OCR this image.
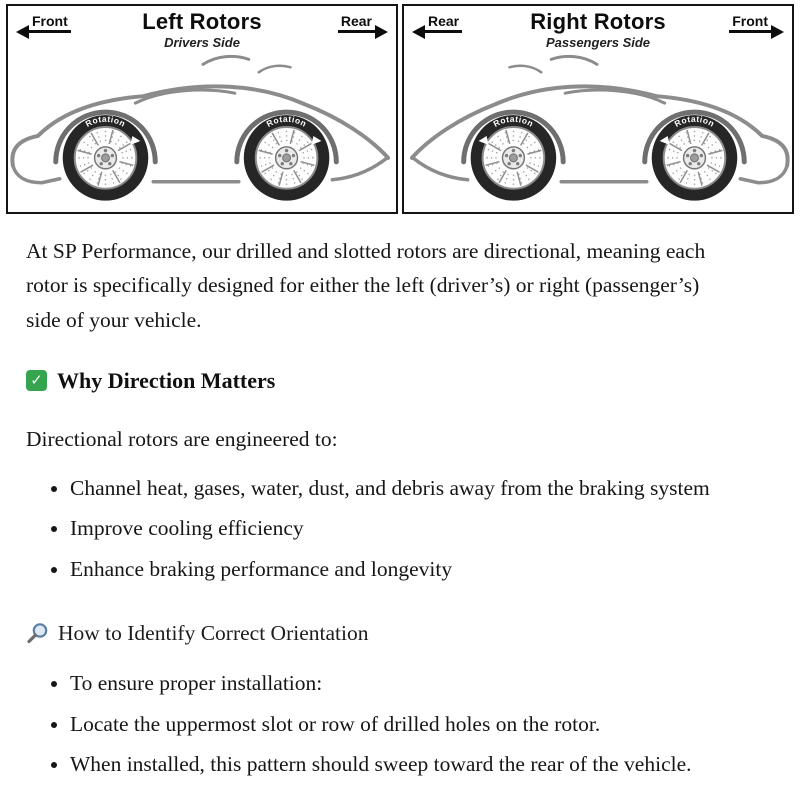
Front	Left Rotors
Drivers Side
Rear
Rotation	Rotation
Rear	Right Rotors
Passengers Side
Front
Rotation	Rotation

At SP Performance, our drilled and slotted rotors are directional, meaning each rotor is specifically designed for either the left (driver’s) or right (passenger’s) side of your vehicle.

✓
Why Direction Matters

Directional rotors are engineered to:

• Channel heat, gases, water, dust, and debris away from the braking system
• Improve cooling efficiency
• Enhance braking performance and longevity
How to Identify Correct Orientation
• To ensure proper installation:
• Locate the uppermost slot or row of drilled holes on the rotor.
• When installed, this pattern should sweep toward the rear of the vehicle.
